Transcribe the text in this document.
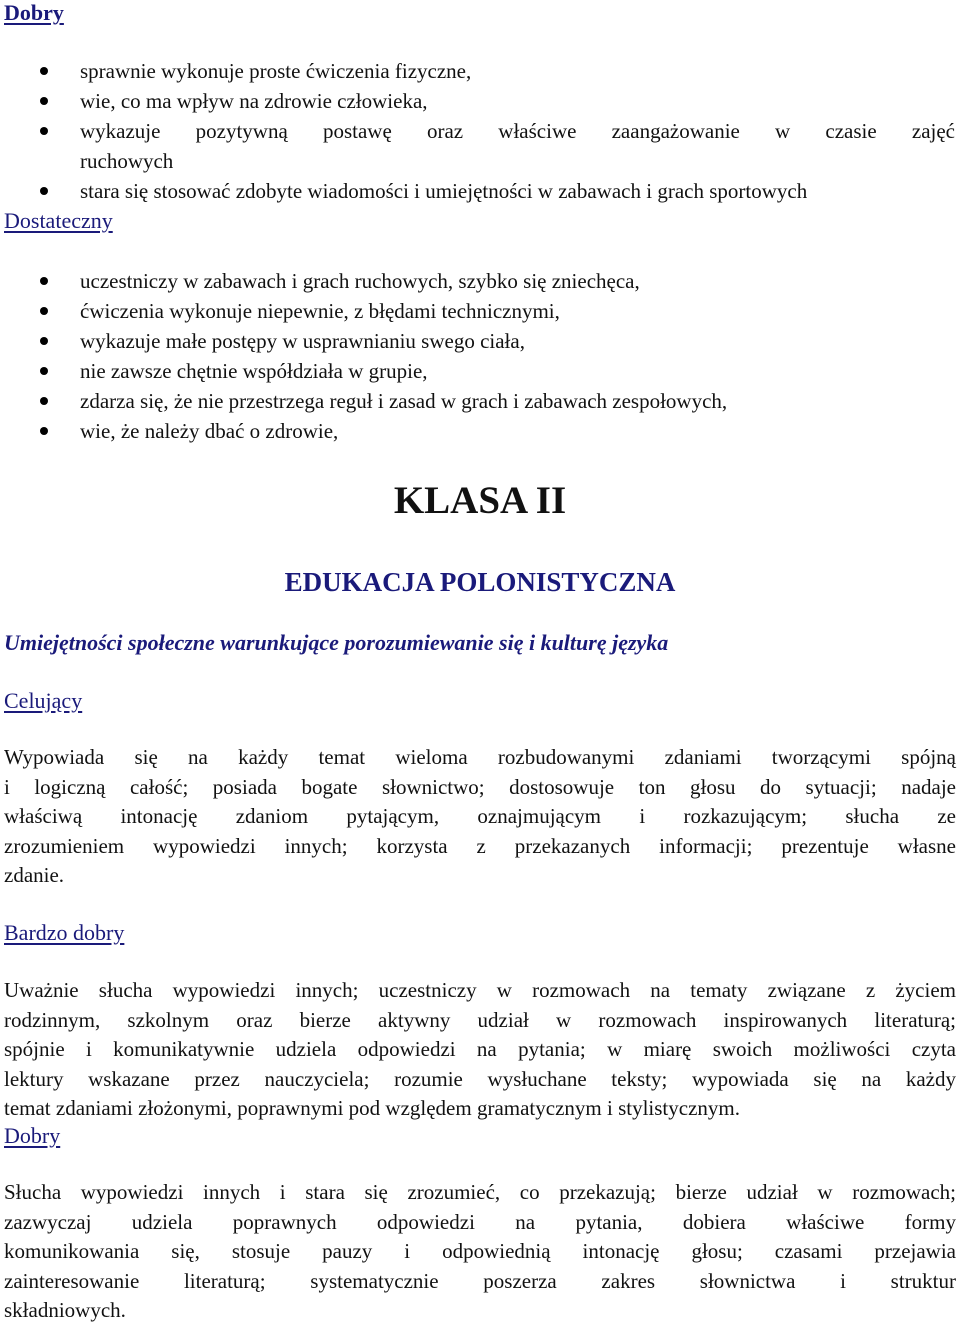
Dobry
sprawnie wykonuje proste ćwiczenia fizyczne,
wie, co ma wpływ na zdrowie człowieka,
wykazuje pozytywną postawę oraz właściwe zaangażowanie w czasie zajęć
ruchowych
stara się stosować zdobyte wiadomości i umiejętności w zabawach i grach sportowych
Dostateczny
uczestniczy w zabawach i grach ruchowych, szybko się zniechęca,
ćwiczenia wykonuje niepewnie, z błędami technicznymi,
wykazuje małe postępy w usprawnianiu swego ciała,
nie zawsze chętnie współdziała w grupie,
zdarza się, że nie przestrzega reguł i zasad w grach i zabawach zespołowych,
wie, że należy dbać o zdrowie,
KLASA II
EDUKACJA POLONISTYCZNA
Umiejętności społeczne warunkujące porozumiewanie się i kulturę języka
Celujący
Wypowiada się na każdy temat wieloma rozbudowanymi zdaniami tworzącymi spójną
i logiczną całość; posiada bogate słownictwo; dostosowuje ton głosu do sytuacji; nadaje
właściwą intonację zdaniom pytającym, oznajmującym i rozkazującym; słucha ze
zrozumieniem wypowiedzi innych; korzysta z przekazanych informacji; prezentuje własne
zdanie.
Bardzo dobry
Uważnie słucha wypowiedzi innych; uczestniczy w rozmowach na tematy związane z życiem
rodzinnym, szkolnym oraz bierze aktywny udział w rozmowach inspirowanych literaturą;
spójnie i komunikatywnie udziela odpowiedzi na pytania; w miarę swoich możliwości czyta
lektury wskazane przez nauczyciela; rozumie wysłuchane teksty; wypowiada się na każdy
temat zdaniami złożonymi, poprawnymi pod względem gramatycznym i stylistycznym.
Dobry
Słucha wypowiedzi innych i stara się zrozumieć, co przekazują; bierze udział w rozmowach;
zazwyczaj udziela poprawnych odpowiedzi na pytania, dobiera właściwe formy
komunikowania się, stosuje pauzy i odpowiednią intonację głosu; czasami przejawia
zainteresowanie literaturą; systematycznie poszerza zakres słownictwa i struktur
składniowych.
